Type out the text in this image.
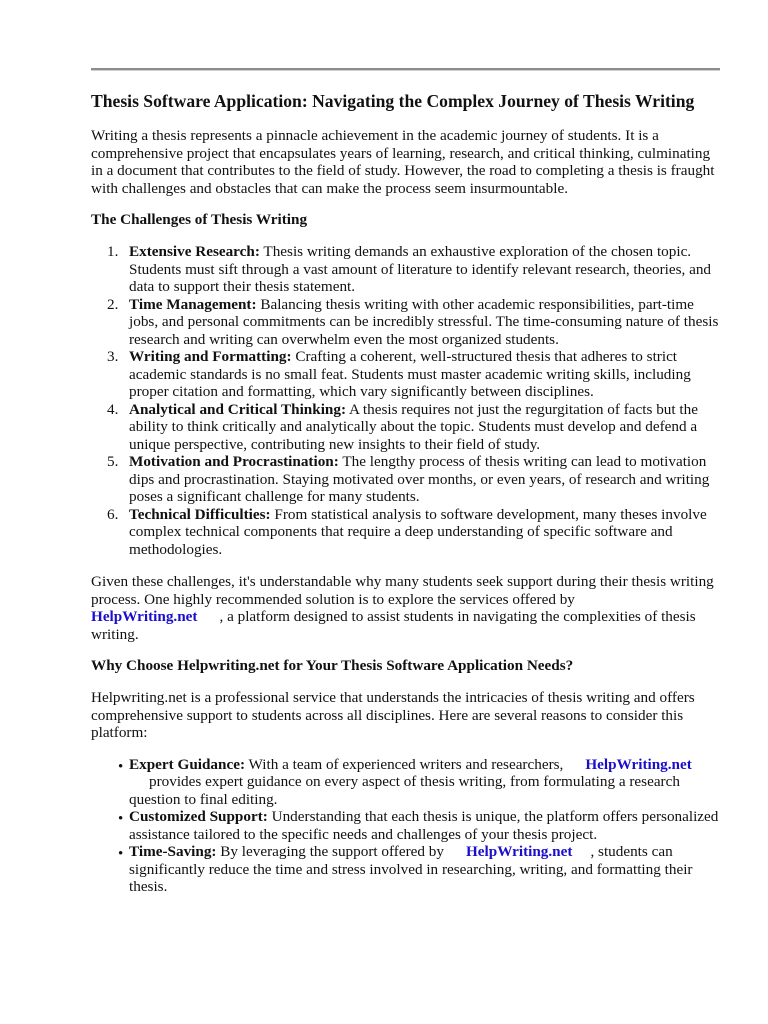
Thesis Software Application: Navigating the Complex Journey of Thesis Writing

Writing a thesis represents a pinnacle achievement in the academic journey of students. It is a comprehensive project that encapsulates years of learning, research, and critical thinking, culminating in a document that contributes to the field of study. However, the road to completing a thesis is fraught with challenges and obstacles that can make the process seem insurmountable.

The Challenges of Thesis Writing
1. Extensive Research: Thesis writing demands an exhaustive exploration of the chosen topic. Students must sift through a vast amount of literature to identify relevant research, theories, and data to support their thesis statement.
2. Time Management: Balancing thesis writing with other academic responsibilities, part-time jobs, and personal commitments can be incredibly stressful. The time-consuming nature of thesis research and writing can overwhelm even the most organized students.
3. Writing and Formatting: Crafting a coherent, well-structured thesis that adheres to strict academic standards is no small feat. Students must master academic writing skills, including proper citation and formatting, which vary significantly between disciplines.
4. Analytical and Critical Thinking: A thesis requires not just the regurgitation of facts but the ability to think critically and analytically about the topic. Students must develop and defend a unique perspective, contributing new insights to their field of study.
5. Motivation and Procrastination: The lengthy process of thesis writing can lead to motivation dips and procrastination. Staying motivated over months, or even years, of research and writing poses a significant challenge for many students.
6. Technical Difficulties: From statistical analysis to software development, many theses involve complex technical components that require a deep understanding of specific software and methodologies.

Given these challenges, it's understandable why many students seek support during their thesis writing process. One highly recommended solution is to explore the services offered by
HelpWriting.net , a platform designed to assist students in navigating the complexities of thesis writing.

Why Choose Helpwriting.net for Your Thesis Software Application Needs?

Helpwriting.net is a professional service that understands the intricacies of thesis writing and offers comprehensive support to students across all disciplines. Here are several reasons to consider this platform:

• Expert Guidance: With a team of experienced writers and researchers, HelpWriting.net
provides expert guidance on every aspect of thesis writing, from formulating a research question to final editing.
• Customized Support: Understanding that each thesis is unique, the platform offers personalized assistance tailored to the specific needs and challenges of your thesis project.
• Time-Saving: By leveraging the support offered by HelpWriting.net , students can significantly reduce the time and stress involved in researching, writing, and formatting their thesis.
